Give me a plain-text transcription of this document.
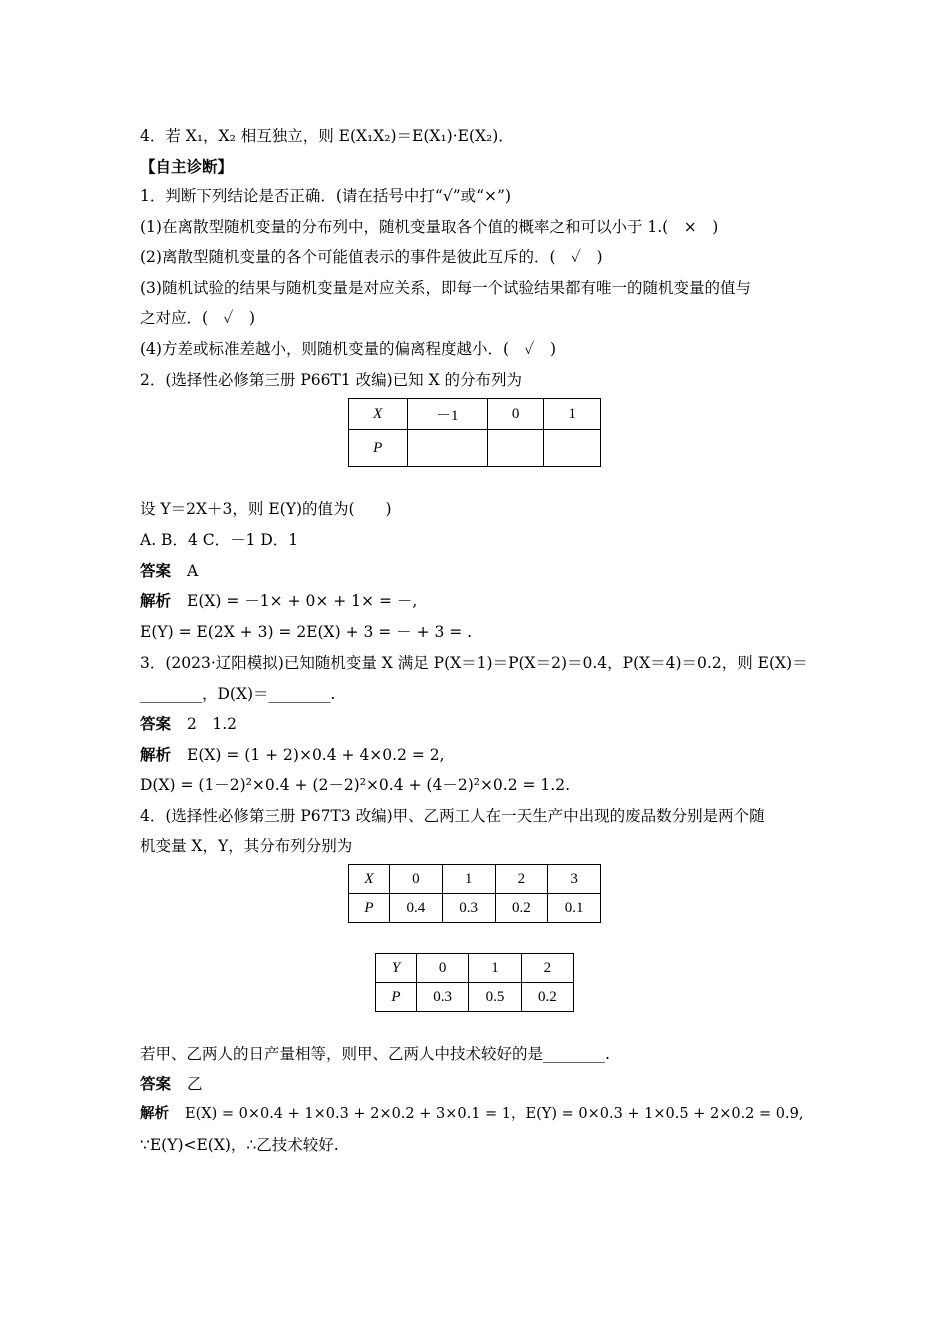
4．若 X₁，X₂ 相互独立，则 E(X₁X₂)＝E(X₁)·E(X₂)．
【自主诊断】
1．判断下列结论是否正确．(请在括号中打“√”或“×”)
(1)在离散型随机变量的分布列中，随机变量取各个值的概率之和可以小于 1.(　×　)
(2)离散型随机变量的各个可能值表示的事件是彼此互斥的．(　✓　)
(3)随机试验的结果与随机变量是对应关系，即每一个试验结果都有唯一的随机变量的值与
之对应．(　✓　)
(4)方差或标准差越小，则随机变量的偏离程度越小．(　✓　)
2．(选择性必修第三册 P66T1 改编)已知 X 的分布列为
X	－1	0	1
P			
设 Y＝2X＋3，则 E(Y)的值为(　　)
A. B．4 C．－1 D．1
答案 A
解析 E(X) = －1× + 0× + 1× = －,
E(Y) = E(2X + 3) = 2E(X) + 3 = － + 3 = .
3．(2023·辽阳模拟)已知随机变量 X 满足 P(X＝1)＝P(X＝2)＝0.4，P(X＝4)＝0.2，则 E(X)＝
________，D(X)＝________.
答案 2　1.2
解析 E(X) = (1 + 2)×0.4 + 4×0.2 = 2,
D(X) = (1－2)²×0.4 + (2－2)²×0.4 + (4－2)²×0.2 = 1.2.
4．(选择性必修第三册 P67T3 改编)甲、乙两工人在一天生产中出现的废品数分别是两个随
机变量 X，Y，其分布列分别为
X	0	1	2	3
P	0.4	0.3	0.2	0.1
Y	0	1	2
P	0.3	0.5	0.2
若甲、乙两人的日产量相等，则甲、乙两人中技术较好的是________.
答案 乙
解析 E(X) = 0×0.4 + 1×0.3 + 2×0.2 + 3×0.1 = 1，E(Y) = 0×0.3 + 1×0.5 + 2×0.2 = 0.9,
∵E(Y)<E(X)，∴乙技术较好.
